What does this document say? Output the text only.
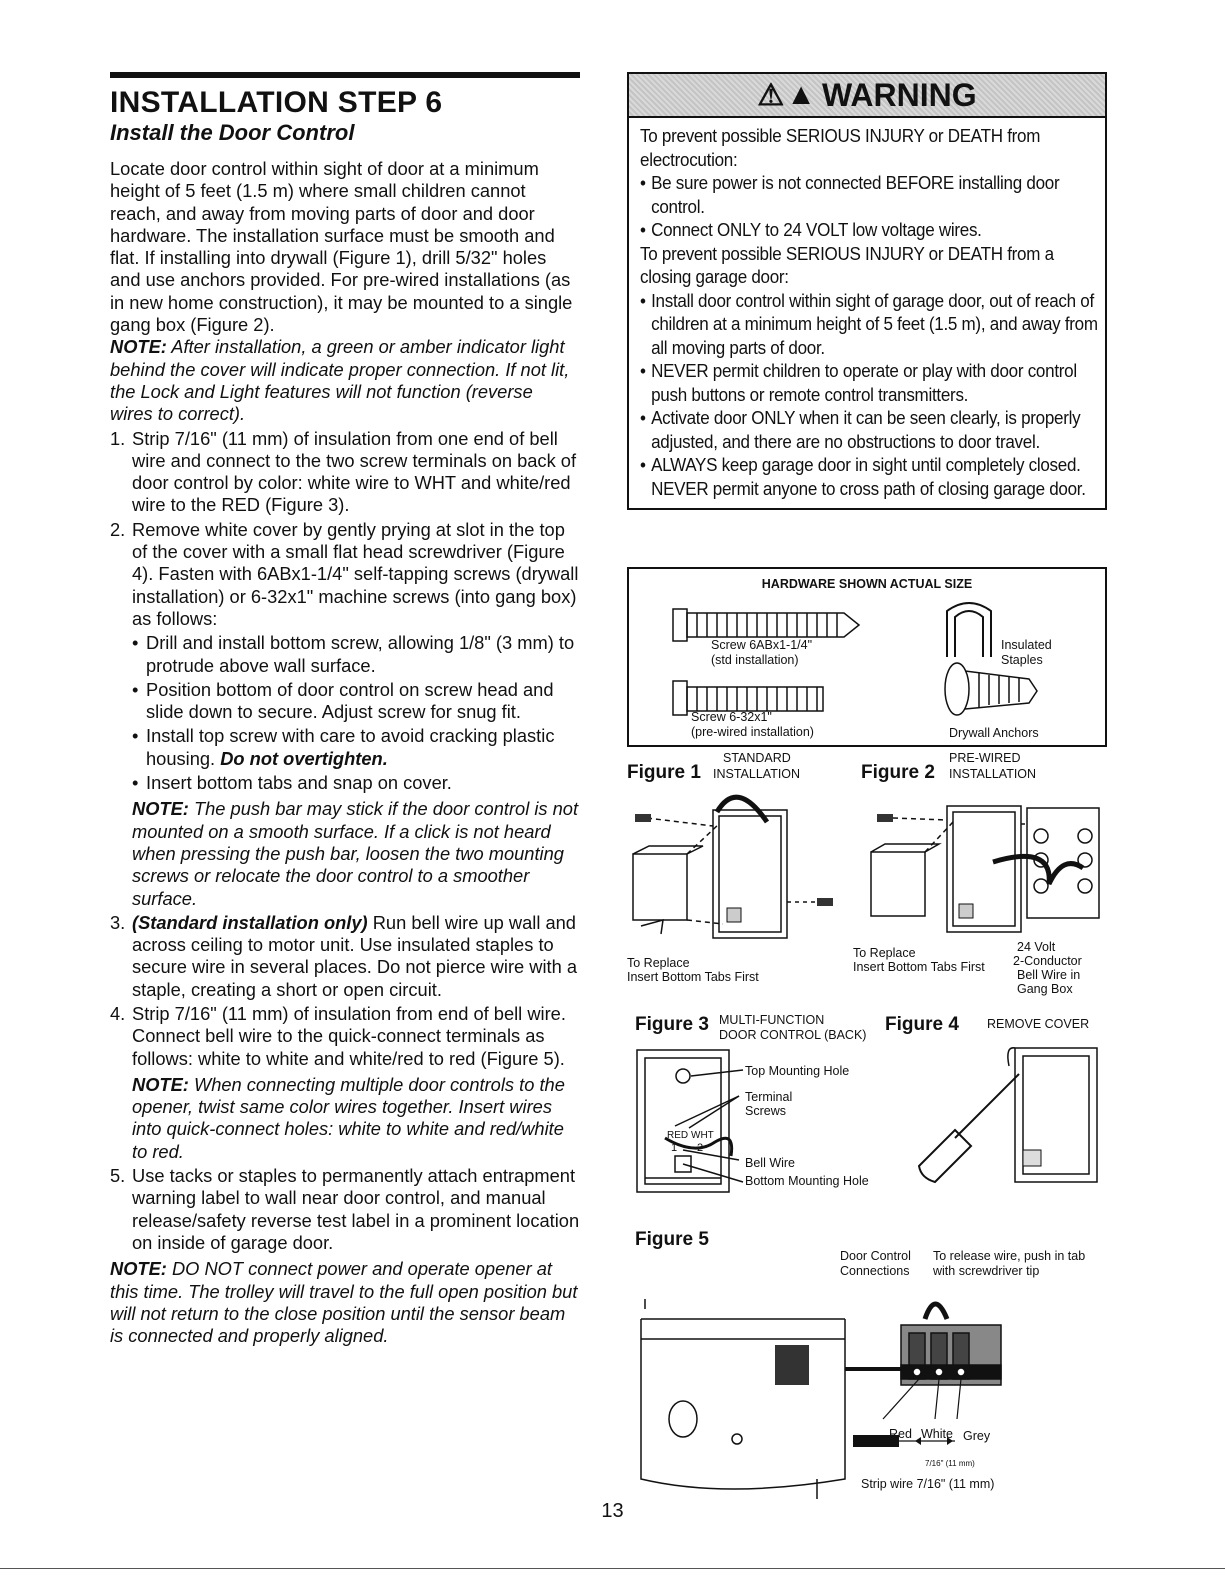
INSTALLATION STEP 6
Install the Door Control

Locate door control within sight of door at a minimum height of 5 feet (1.5 m) where small children cannot reach, and away from moving parts of door and door hardware. The installation surface must be smooth and flat. If installing into drywall (Figure 1), drill 5/32" holes and use anchors provided. For pre-wired installations (as in new home construction), it may be mounted to a single gang box (Figure 2).

NOTE: After installation, a green or amber indicator light behind the cover will indicate proper connection. If not lit, the Lock and Light features will not function (reverse wires to correct).

1. Strip 7/16" (11 mm) of insulation from one end of bell wire and connect to the two screw terminals on back of door control by color: white wire to WHT and white/red wire to the RED (Figure 3).
2. Remove white cover by gently prying at slot in the top of the cover with a small flat head screwdriver (Figure 4). Fasten with 6ABx1-1/4" self-tapping screws (drywall installation) or 6-32x1" machine screws (into gang box) as follows:
• Drill and install bottom screw, allowing 1/8" (3 mm) to protrude above wall surface.
• Position bottom of door control on screw head and slide down to secure. Adjust screw for snug fit.
• Install top screw with care to avoid cracking plastic housing. Do not overtighten.
• Insert bottom tabs and snap on cover.
NOTE: The push bar may stick if the door control is not mounted on a smooth surface. If a click is not heard when pressing the push bar, loosen the two mounting screws or relocate the door control to a smoother surface.
3. (Standard installation only) Run bell wire up wall and across ceiling to motor unit. Use insulated staples to secure wire in several places. Do not pierce wire with a staple, creating a short or open circuit.
4. Strip 7/16" (11 mm) of insulation from end of bell wire. Connect bell wire to the quick-connect terminals as follows: white to white and white/red to red (Figure 5).
NOTE: When connecting multiple door controls to the opener, twist same color wires together. Insert wires into quick-connect holes: white to white and red/white to red.
5. Use tacks or staples to permanently attach entrapment warning label to wall near door control, and manual release/safety reverse test label in a prominent location on inside of garage door.

NOTE: DO NOT connect power and operate opener at this time. The trolley will travel to the full open position but will not return to the close position until the sensor beam is connected and properly aligned.

⚠ ▲ WARNING
To prevent possible SERIOUS INJURY or DEATH from electrocution:
• Be sure power is not connected BEFORE installing door control.
• Connect ONLY to 24 VOLT low voltage wires.
To prevent possible SERIOUS INJURY or DEATH from a closing garage door:
• Install door control within sight of garage door, out of reach of children at a minimum height of 5 feet (1.5 m), and away from all moving parts of door.
• NEVER permit children to operate or play with door control push buttons or remote control transmitters.
• Activate door ONLY when it can be seen clearly, is properly adjusted, and there are no obstructions to door travel.
• ALWAYS keep garage door in sight until completely closed. NEVER permit anyone to cross path of closing garage door.
HARDWARE SHOWN ACTUAL SIZE
Screw 6ABx1-1/4"
(std installation)
Screw 6-32x1"
(pre-wired installation)
Insulated
Staples
Drywall Anchors
Figure 1
STANDARD
INSTALLATION
To Replace
Insert Bottom Tabs First
Figure 2
PRE-WIRED
INSTALLATION
To Replace
Insert Bottom Tabs First
24 Volt
2-Conductor
Bell Wire in
Gang Box
Figure 3 MULTI-FUNCTION
DOOR CONTROL (BACK)
RED WHT
1 2
Top Mounting Hole
Terminal
Screws
Bell Wire
Bottom Mounting Hole
Figure 4 REMOVE COVER
Figure 5
Door Control
Connections
To release wire, push in tab
with screwdriver tip
Red White Grey
7/16" (11 mm)
Strip wire 7/16" (11 mm)
13
